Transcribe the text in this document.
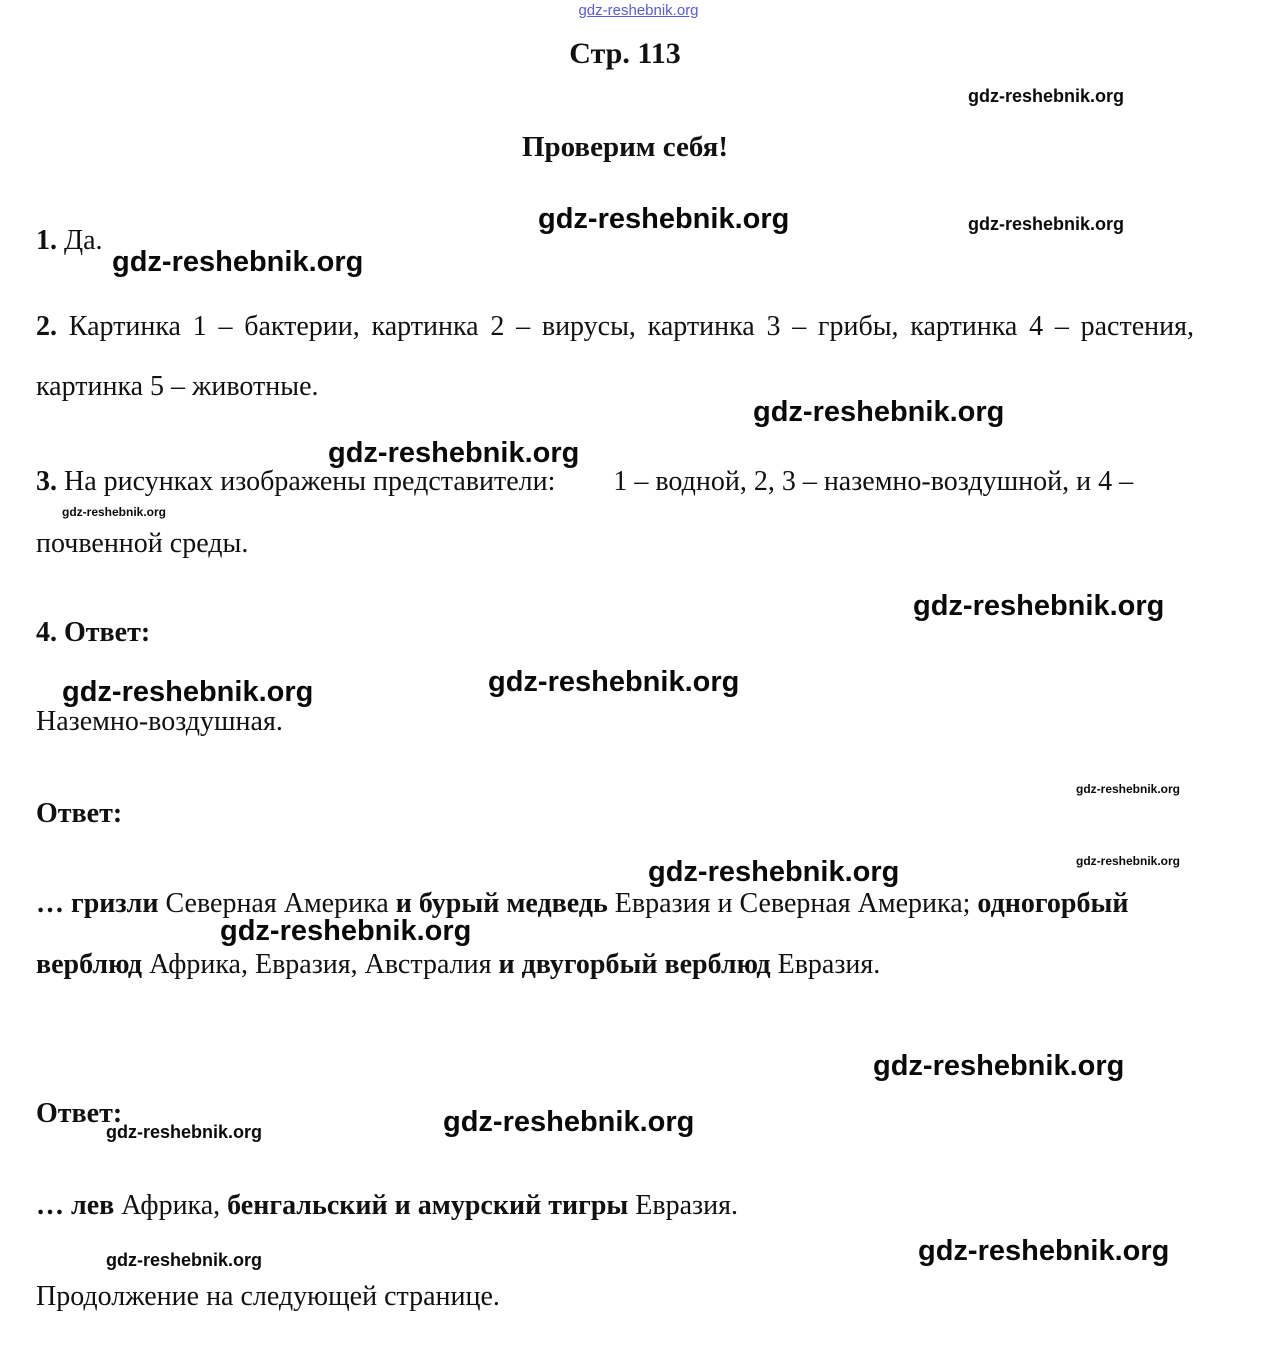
gdz-reshebnik.org
gdz-reshebnik.org
gdz-reshebnik.org	gdz-reshebnik.org
gdz-reshebnik.org
gdz-reshebnik.org
gdz-reshebnik.org
gdz-reshebnik.org
gdz-reshebnik.org
gdz-reshebnik.org
gdz-reshebnik.org
gdz-reshebnik.org
gdz-reshebnik.org
gdz-reshebnik.org
gdz-reshebnik.org
gdz-reshebnik.org
gdz-reshebnik.org
gdz-reshebnik.org
gdz-reshebnik.org
gdz-reshebnik.org
Стр. 113
Проверим себя!
1. Да.
2. Картинка 1 – бактерии, картинка 2 – вирусы, картинка 3 – грибы, картинка 4 – растения, картинка 5 – животные.
3. На рисунках изображены представители: 1 – водной, 2, 3 – наземно-воздушной, и 4 – почвенной среды.
4. Ответ:
Наземно-воздушная.
Ответ:
… гризли Северная Америка и бурый медведь Евразия и Северная Америка; одногорбый верблюд Африка, Евразия, Австралия и двугорбый верблюд Евразия.
Ответ:
… лев Африка, бенгальский и амурский тигры Евразия.
Продолжение на следующей странице.
